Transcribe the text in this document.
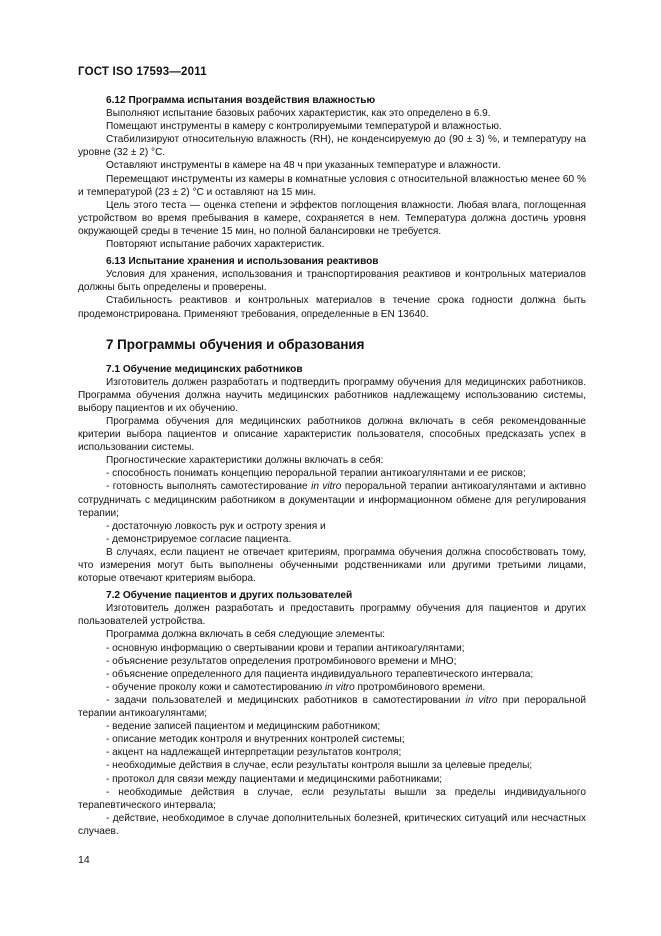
ГОСТ ISO 17593—2011

6.12 Программа испытания воздействия влажностью

Выполняют испытание базовых рабочих характеристик, как это определено в 6.9.

Помещают инструменты в камеру с контролируемыми температурой и влажностью.

Стабилизируют относительную влажность (RH), не конденсируемую до (90 ± 3) %, и температуру на уровне (32 ± 2) °С.

Оставляют инструменты в камере на 48 ч при указанных температуре и влажности.

Перемещают инструменты из камеры в комнатные условия с относительной влажностью менее 60 % и температурой (23 ± 2) °С и оставляют на 15 мин.

Цель этого теста — оценка степени и эффектов поглощения влажности. Любая влага, поглощенная устройством во время пребывания в камере, сохраняется в нем. Температура должна достичь уровня окружающей среды в течение 15 мин, но полной балансировки не требуется.

Повторяют испытание рабочих характеристик.

6.13 Испытание хранения и использования реактивов

Условия для хранения, использования и транспортирования реактивов и контрольных материалов должны быть определены и проверены.

Стабильность реактивов и контрольных материалов в течение срока годности должна быть продемонстрирована. Применяют требования, определенные в EN 13640.

7 Программы обучения и образования

7.1 Обучение медицинских работников

Изготовитель должен разработать и подтвердить программу обучения для медицинских работников. Программа обучения должна научить медицинских работников надлежащему использованию системы, выбору пациентов и их обучению.

Программа обучения для медицинских работников должна включать в себя рекомендованные критерии выбора пациентов и описание характеристик пользователя, способных предсказать успех в использовании системы.

Прогностические характеристики должны включать в себя:

- способность понимать концепцию пероральной терапии антикоагулянтами и ее рисков;

- готовность выполнять самотестирование in vitro пероральной терапии антикоагулянтами и активно сотрудничать с медицинским работником в документации и информационном обмене для регулирования терапии;

- достаточную ловкость рук и остроту зрения и

- демонстрируемое согласие пациента.

В случаях, если пациент не отвечает критериям, программа обучения должна способствовать тому, что измерения могут быть выполнены обученными родственниками или другими третьими лицами, которые отвечают критериям выбора.

7.2 Обучение пациентов и других пользователей

Изготовитель должен разработать и предоставить программу обучения для пациентов и других пользователей устройства.

Программа должна включать в себя следующие элементы:

- основную информацию о свертывании крови и терапии антикоагулянтами;

- объяснение результатов определения протромбинового времени и МНО;

- объяснение определенного для пациента индивидуального терапевтического интервала;

- обучение проколу кожи и самотестированию in vitro протромбинового времени.

- задачи пользователей и медицинских работников в самотестировании in vitro при пероральной терапии антикоагулянтами;

- ведение записей пациентом и медицинским работником;

- описание методик контроля и внутренних контролей системы;

- акцент на надлежащей интерпретации результатов контроля;

- необходимые действия в случае, если результаты контроля вышли за целевые пределы;

- протокол для связи между пациентами и медицинскими работниками;

- необходимые действия в случае, если результаты вышли за пределы индивидуального терапевтического интервала;

- действие, необходимое в случае дополнительных болезней, критических ситуаций или несчастных случаев.

14
